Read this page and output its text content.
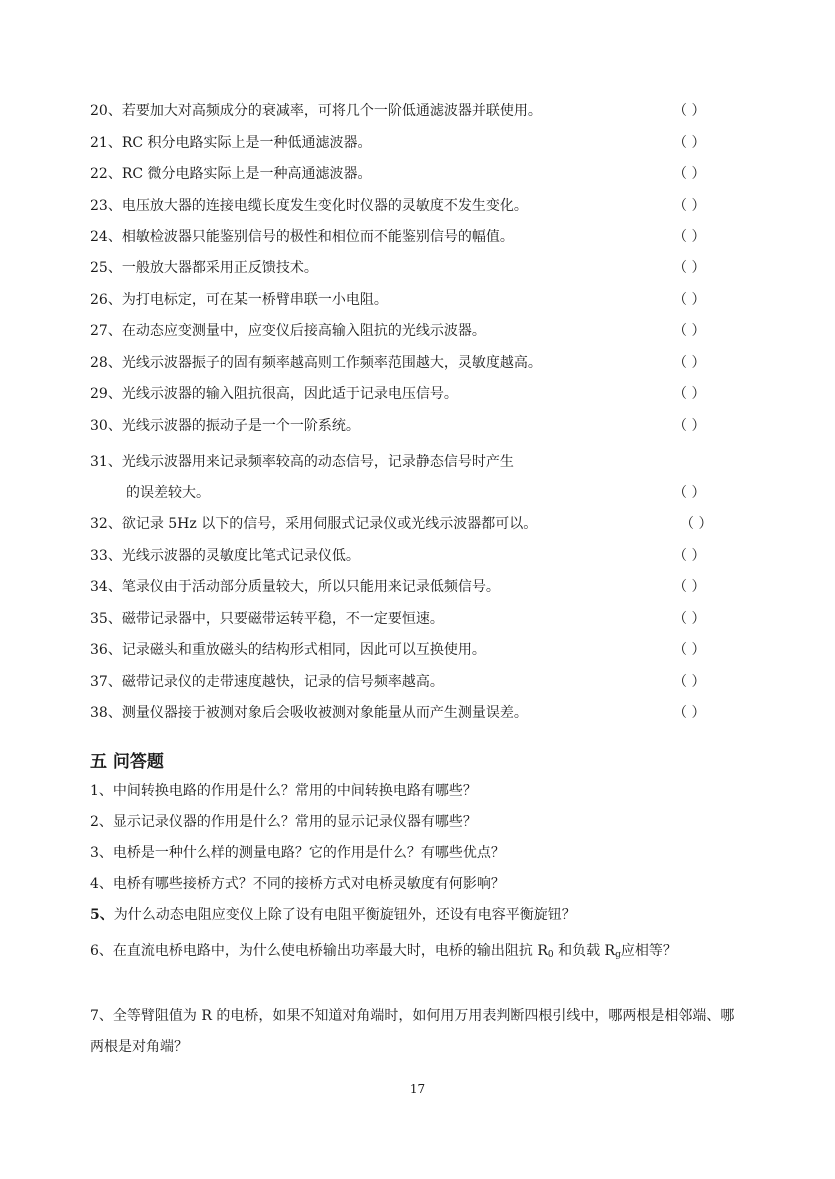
20、若要加大对高频成分的衰减率，可将几个一阶低通滤波器并联使用。	（ ）
21、RC 积分电路实际上是一种低通滤波器。	（ ）
22、RC 微分电路实际上是一种高通滤波器。	（ ）
23、电压放大器的连接电缆长度发生变化时仪器的灵敏度不发生变化。	（ ）
24、相敏检波器只能鉴别信号的极性和相位而不能鉴别信号的幅值。	（ ）
25、一般放大器都采用正反馈技术。	（ ）
26、为打电标定，可在某一桥臂串联一小电阻。	（ ）
27、在动态应变测量中，应变仪后接高输入阻抗的光线示波器。	（ ）
28、光线示波器振子的固有频率越高则工作频率范围越大，灵敏度越高。	（ ）
29、光线示波器的输入阻抗很高，因此适于记录电压信号。	（ ）
30、光线示波器的振动子是一个一阶系统。	（ ）
31、光线示波器用来记录频率较高的动态信号，记录静态信号时产生
的误差较大。	（ ）
32、欲记录 5Hz 以下的信号，采用伺服式记录仪或光线示波器都可以。	（ ）
33、光线示波器的灵敏度比笔式记录仪低。	（ ）
34、笔录仪由于活动部分质量较大，所以只能用来记录低频信号。	（ ）
35、磁带记录器中，只要磁带运转平稳，不一定要恒速。	（ ）
36、记录磁头和重放磁头的结构形式相同，因此可以互换使用。	（ ）
37、磁带记录仪的走带速度越快，记录的信号频率越高。	（ ）
38、测量仪器接于被测对象后会吸收被测对象能量从而产生测量误差。	（ ）
五 问答题
1、中间转换电路的作用是什么？常用的中间转换电路有哪些？
2、显示记录仪器的作用是什么？常用的显示记录仪器有哪些？
3、电桥是一种什么样的测量电路？它的作用是什么？有哪些优点？
4、电桥有哪些接桥方式？不同的接桥方式对电桥灵敏度有何影响？
5、为什么动态电阻应变仪上除了设有电阻平衡旋钮外，还设有电容平衡旋钮？
6、在直流电桥电路中，为什么使电桥输出功率最大时，电桥的输出阻抗 $R_0$ 和负载 $R_g$应相等？
7、全等臂阻值为 R 的电桥，如果不知道对角端时，如何用万用表判断四根引线中，哪两根是相邻端、哪两根是对角端？
17
